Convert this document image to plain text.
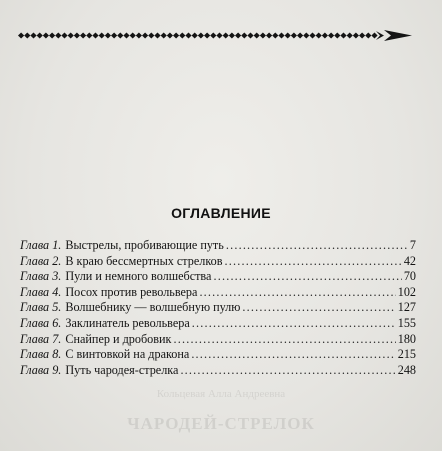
ОГЛАВЛЕНИЕ
Глава 1. Выстрелы, пробивающие путь .....	7
Глава 2. В краю бессмертных стрелков .....	42
Глава 3. Пули и немного волшебства .....	70
Глава 4. Посох против револьвера .....	102
Глава 5. Волшебнику — волшебную пулю .....	127
Глава 6. Заклинатель револьвера .....	155
Глава 7. Снайпер и дробовик .....	180
Глава 8. С винтовкой на дракона .....	215
Глава 9. Путь чародея-стрелка .....	248
Кольцевая Алла Андреевна
ЧАРОДЕЙ-СТРЕЛОК
